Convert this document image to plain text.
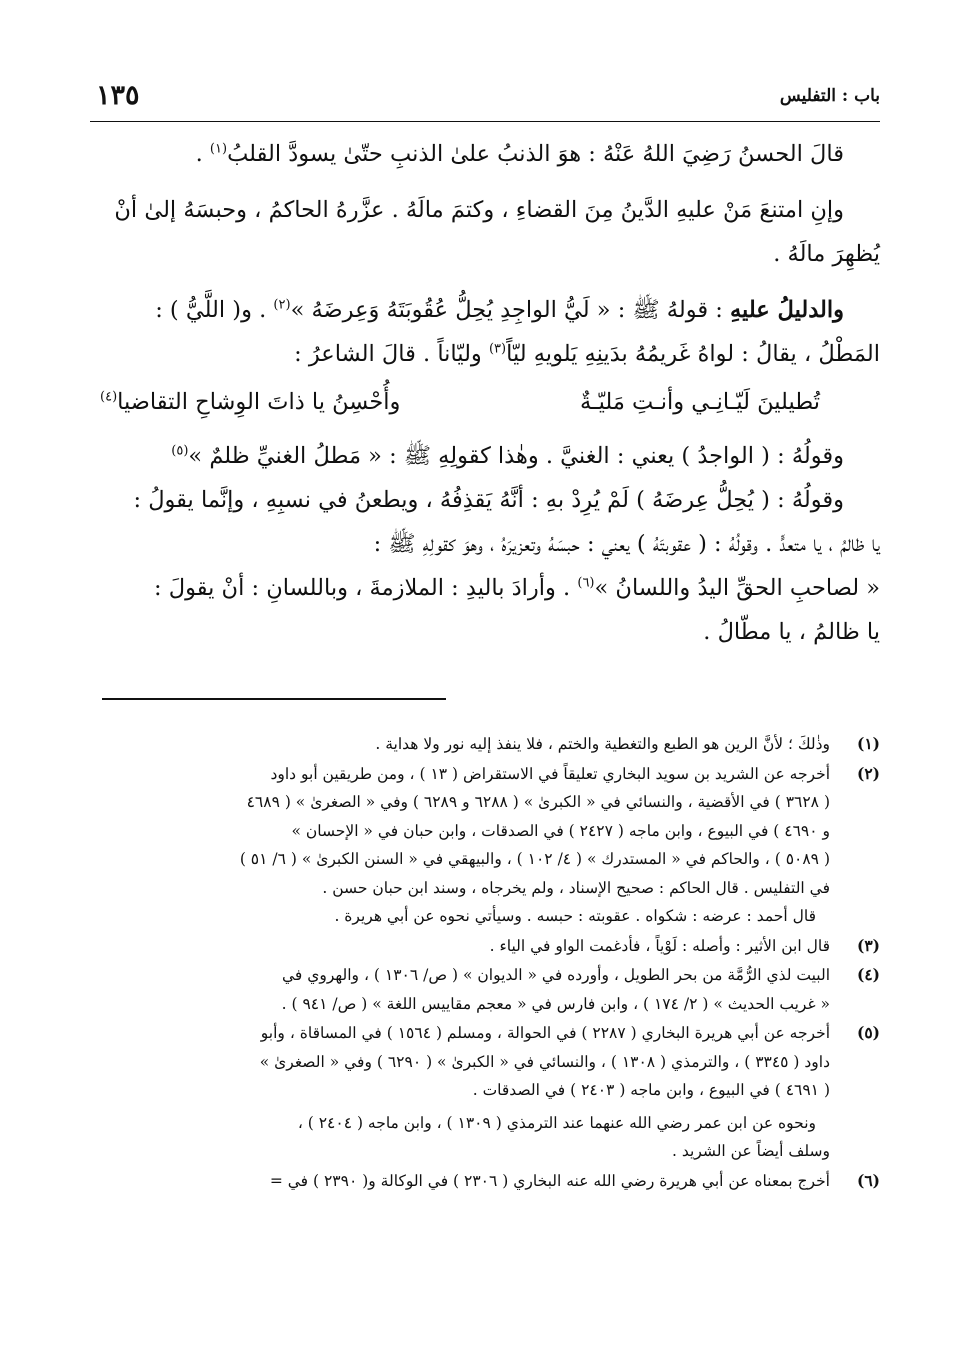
باب : التفليس
١٣٥

قالَ الحسنُ رَضِيَ اللهُ عَنْهُ : هوَ الذنبُ علىٰ الذنبِ حتّىٰ يسودَّ القلبُ$^{(١)}$ .

وإنِ امتنعَ مَنْ عليهِ الدَّينُ مِنَ القضاءِ ، وكتمَ مالَهُ . عزَّرهُ الحاكمُ ، وحبسَهُ إلىٰ أنْ
يُظهِرَ مالَهُ .

والدليلُ عليهِ : قولهُ ﷺ : « لَيُّ الواجِدِ يُحِلُّ عُقُوبَتَهُ وَعِرضَهُ »$^{(٢)}$ . و( اللَّيُّ ) :
المَطْلُ ، يقالُ : لواهُ غَريمُهُ بدَينِهِ يَلويهِ ليّاً$^{(٣)}$ وليّاناً . قالَ الشاعرُ :

تُطيلينَ لَيّـانِـي وأنـتِ مَليّـةٌ
وأُحْسِنُ يا ذاتَ الوِشاحِ التقاضيا$^{(٤)}$

وقولُهُ : ( الواجدُ ) يعني : الغنيَّ . وهٰذا كقولِهِ ﷺ : « مَطلُ الغنيِّ ظلمٌ »$^{(٥)}$

وقولُهُ : ( يُحِلُّ عِرضَهُ ) لَمْ يُرِدْ بهِ : أنَّهُ يَقذِفُهُ ، ويطعنُ في نسبِهِ ، وإنَّما يقولُ :
يا ظالمُ ، يا متعدٍّ . وقولُهُ : ( عقوبتَهُ ) يعني : حبسَهُ وتعزيرَهُ ، وهوَ كقولِهِ ﷺ :
« لصاحبِ الحقِّ اليدُ واللسانُ »$^{(٦)}$ . وأرادَ باليدِ : الملازمةَ ، وباللسانِ : أنْ يقولَ :
يا ظالمُ ، يا مطّالُ .

(١)
وذٰلكَ ؛ لأنَّ الرين هو الطبع والتغطية والختم ، فلا ينفذ إليه نور ولا هداية .
(٢)
أخرجه عن الشريد بن سويد البخاري تعليقاً في الاستقراض ( ١٣ ) ، ومن طريقين أبو داود
( ٣٦٢٨ ) في الأقضية ، والنسائي في « الكبرىٰ » ( ٦٢٨٨ و ٦٢٨٩ ) وفي « الصغرىٰ » ( ٤٦٨٩
و ٤٦٩٠ ) في البيوع ، وابن ماجه ( ٢٤٢٧ ) في الصدقات ، وابن حبان في « الإحسان »
( ٥٠٨٩ ) ، والحاكم في « المستدرك » ( ٤/ ١٠٢ ) ، والبيهقي في « السنن الكبرىٰ » ( ٦/ ٥١ )
في التفليس . قال الحاكم : صحيح الإسناد ، ولم يخرجاه ، وسند ابن حبان حسن .
قال أحمد : عرضه : شكواه . عقوبته : حبسه . وسيأتي نحوه عن أبي هريرة .
(٣)
قال ابن الأثير : وأصله : لَوْياً ، فأدغمت الواو في الياء .
(٤)
البيت لذي الرُّمَّة من بحر الطويل ، وأورده في « الديوان » ( ص/ ١٣٠٦ ) ، والهروي في
« غريب الحديث » ( ٢/ ١٧٤ ) ، وابن فارس في « معجم مقاييس اللغة » ( ص/ ٩٤١ ) .
(٥)
أخرجه عن أبي هريرة البخاري ( ٢٢٨٧ ) في الحوالة ، ومسلم ( ١٥٦٤ ) في المساقاة ، وأبو
داود ( ٣٣٤٥ ) ، والترمذي ( ١٣٠٨ ) ، والنسائي في « الكبرىٰ » ( ٦٢٩٠ ) وفي « الصغرىٰ »
( ٤٦٩١ ) في البيوع ، وابن ماجه ( ٢٤٠٣ ) في الصدقات .
ونحوه عن ابن عمر رضي الله عنهما عند الترمذي ( ١٣٠٩ ) ، وابن ماجه ( ٢٤٠٤ ) ،
وسلف أيضاً عن الشريد .
(٦)
أخرج بمعناه عن أبي هريرة رضي الله عنه البخاري ( ٢٣٠٦ ) في الوكالة و( ٢٣٩٠ ) في =
